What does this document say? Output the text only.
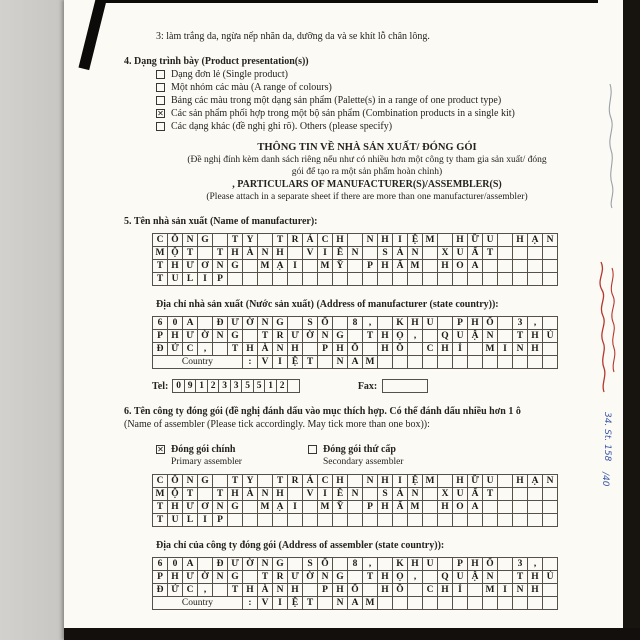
3: làm trắng da, ngừa nếp nhăn da, dưỡng da và se khít lỗ chân lông.
4. Dạng trình bày (Product presentation(s))
Dạng đơn lẻ (Single product)
Một nhóm các màu (A range of colours)
Bảng các màu trong một dạng sản phẩm (Palette(s) in a range of one product type)
✕ Các sản phẩm phối hợp trong một bộ sản phẩm (Combination products in a single kit)
Các dạng khác (đề nghị ghi rõ). Others (please specify)
THÔNG TIN VỀ NHÀ SẢN XUẤT/ ĐÓNG GÓI
(Đề nghị đính kèm danh sách riêng nếu như có nhiều hơn một công ty tham gia sản xuất/ đóng
gói để tạo ra một sản phẩm hoàn chỉnh)
, PARTICULARS OF MANUFACTURER(S)/ASSEMBLER(S)
(Please attach in a separate sheet if there are more than one manufacturer/assembler)
5. Tên nhà sản xuất (Name of manufacturer):
C Ô N G	T Y	T R Á C H	N H I	Ệ M	H Ữ U	H Ạ N
M Ộ T	T H À N H	V	I	Ê N	S Ả N	X U Ấ T
T H Ư Ơ N G	M Ạ	I	M Ỹ	P H Ẩ M	H O A
T U L	I	P
Địa chỉ nhà sản xuất (Nước sản xuất) (Address of manufacturer (state country)):
6	0 A	Đ Ư Ờ N G	S Ố	8	,	K H U	P H Ố	3	,
P H Ư Ờ N G	T R Ư Ờ N G	T H Ọ	,	Q U Ậ N	T H Ủ
Đ Ứ C	,	T H À N H	P H Ố	H Ồ	C H Í	M I	N H
Country	:	V	I	Ệ T	N A M
Tel: 0 9 1 2 3 3 5 5 1 2	Fax:
6. Tên công ty đóng gói (đề nghị đánh dấu vào mục thích hợp. Có thể đánh dấu nhiều hơn 1 ô
(Name of assembler (Please tick accordingly. May tick more than one box)):
✕ Đóng gói chính
Primary assembler
Đóng gói thứ cấp
Secondary assembler
C Ô N G	T Y	T R Á C H	N H I	Ệ M	H Ữ U	H Ạ N
M Ộ T	T H À N H	V	I	Ê N	S Ả N	X U Ấ T
T H Ư Ơ N G	M Ạ	I	M Ỹ	P H Ẩ M	H O A
T U L	I	P
Địa chỉ của công ty đóng gói (Address of assembler (state country)):
6	0 A	Đ Ư Ờ N G	S Ố	8	,	K H U	P H Ố	3	,
P H Ư Ờ N G	T R Ư Ờ N G	T H Ọ	,	Q U Ậ N	T H Ủ
Đ Ứ C	,	T H À N H	P H Ố	H Ồ	C H Í	M I	N H
Country	:	V	I	Ệ T	N A M
34. St. 158
/40
